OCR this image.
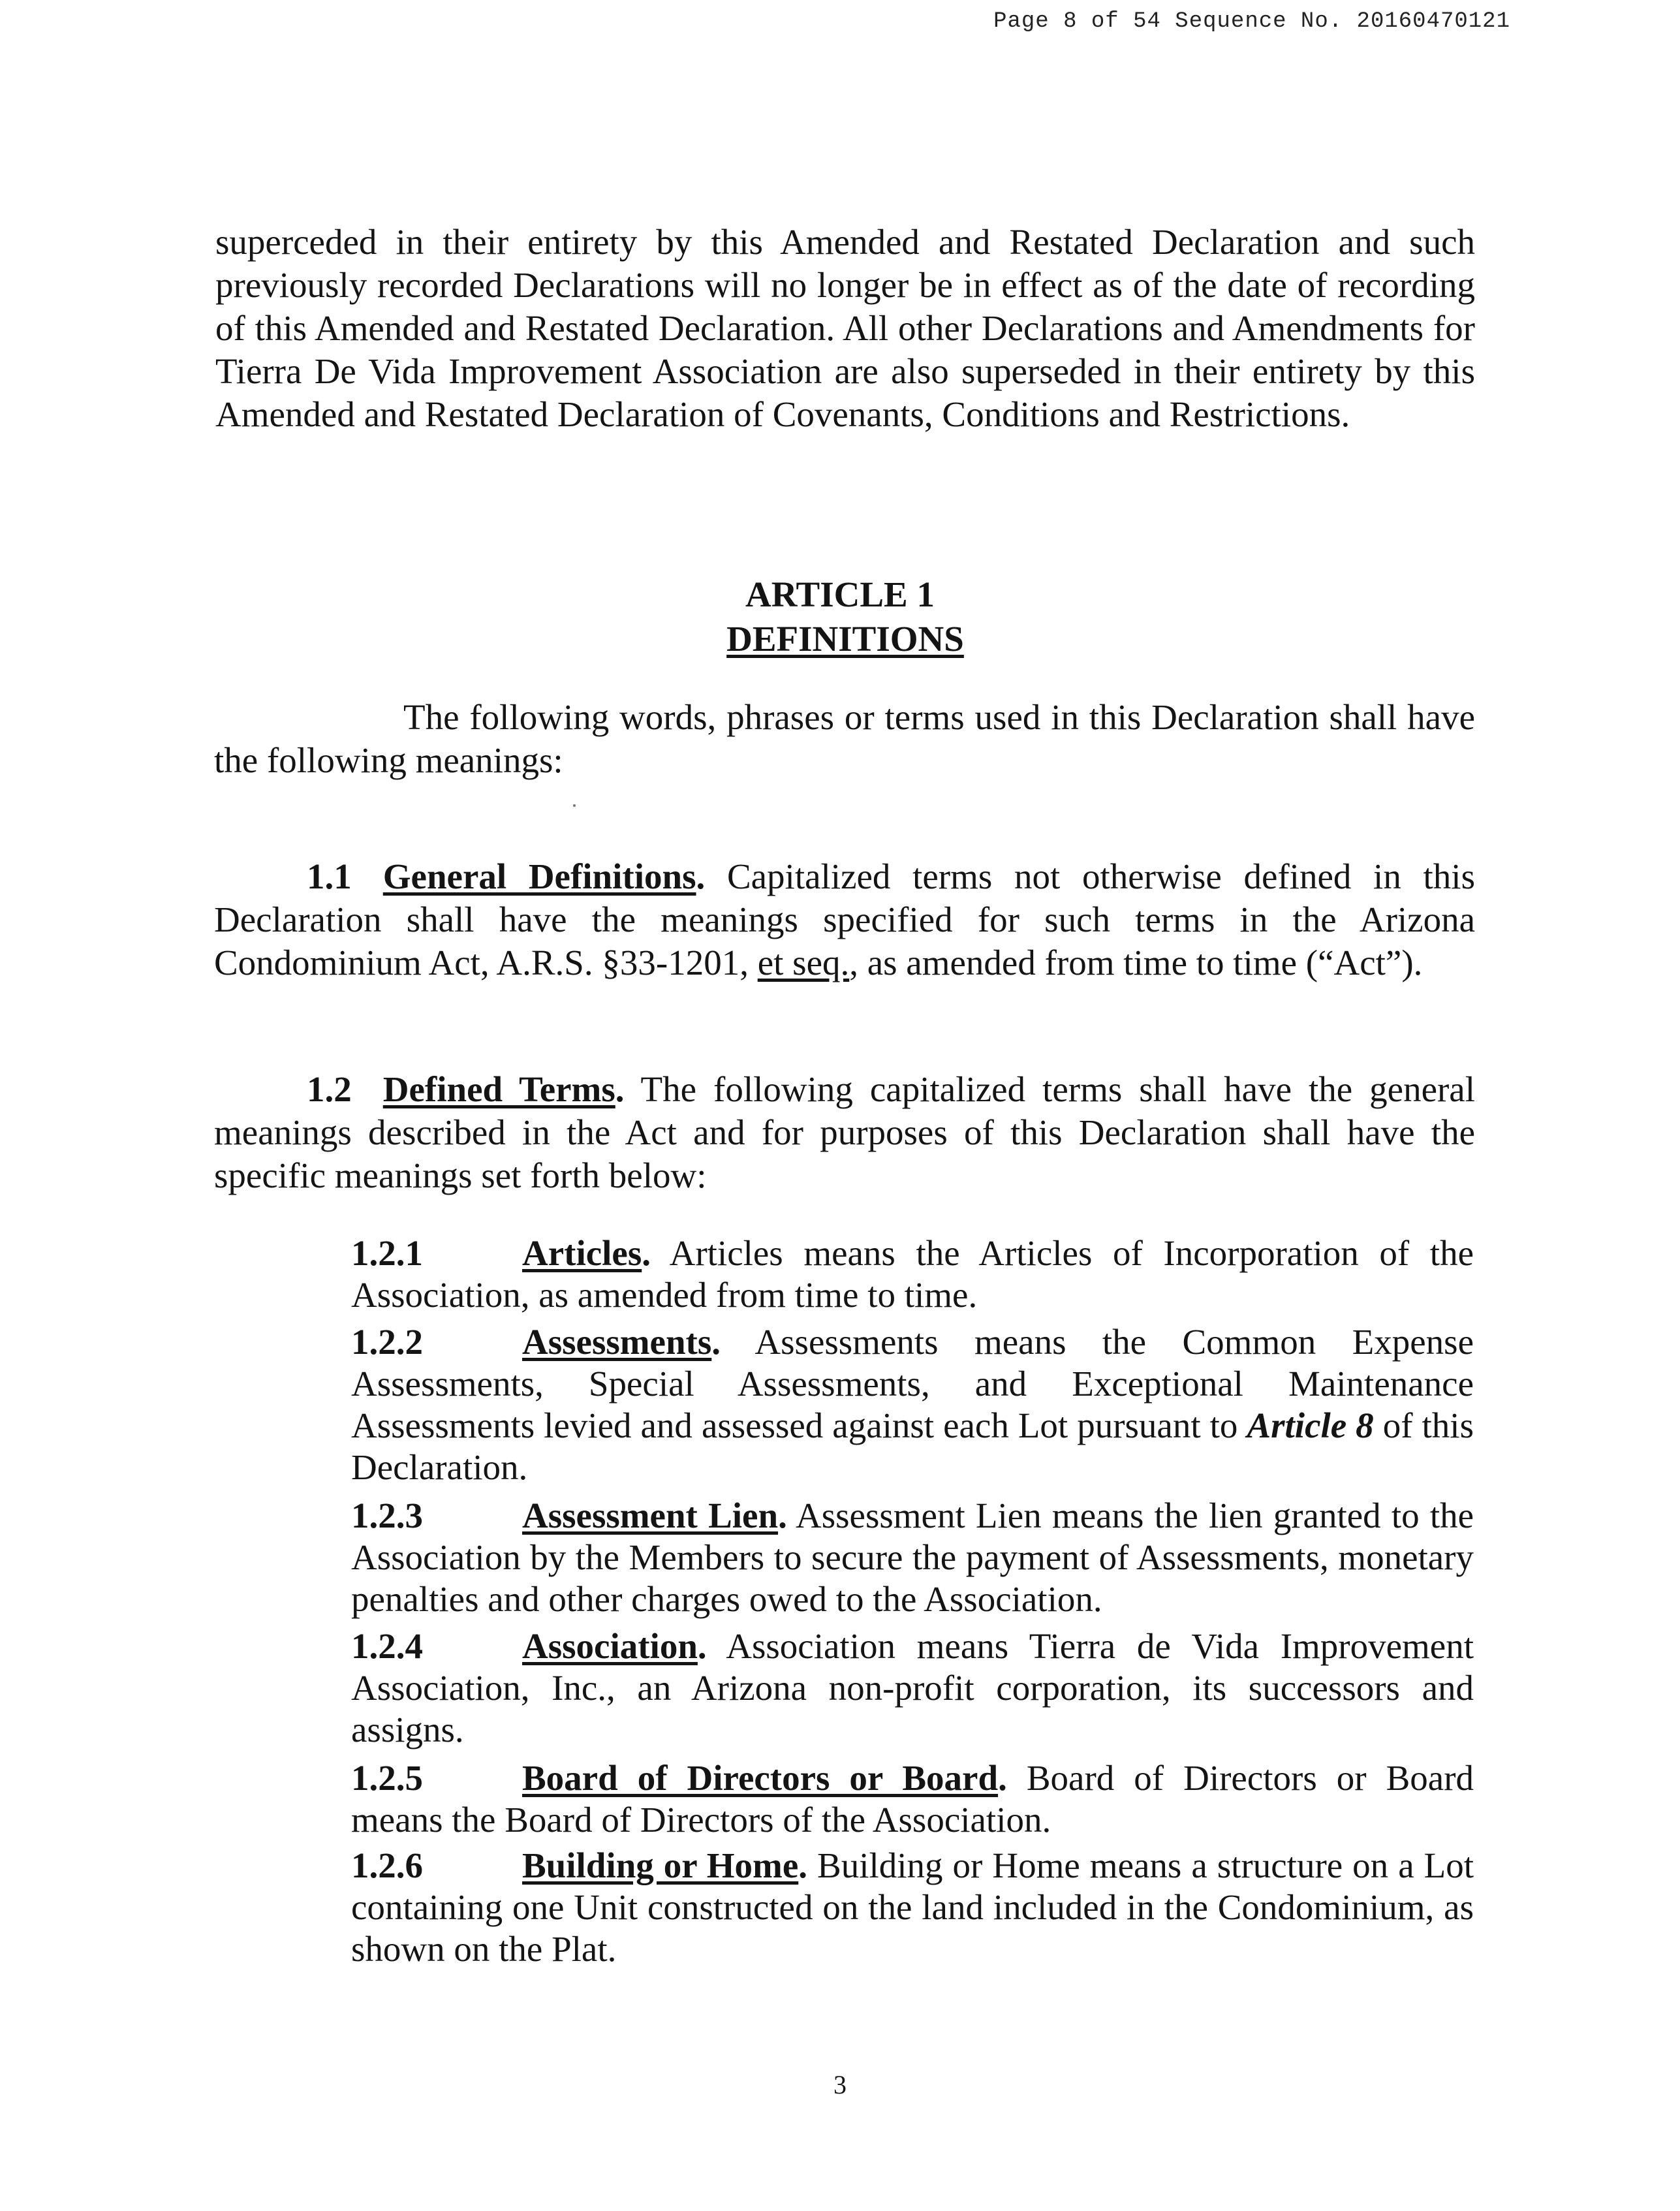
Page 8 of 54 Sequence No. 20160470121
superceded in their entirety by this Amended and Restated Declaration and such previously recorded Declarations will no longer be in effect as of the date of recording of this Amended and Restated Declaration. All other Declarations and Amendments for Tierra De Vida Improvement Association are also superseded in their entirety by this Amended and Restated Declaration of Covenants, Conditions and Restrictions.
ARTICLE 1
DEFINITIONS
The following words, phrases or terms used in this Declaration shall have the following meanings:
1.1 General Definitions. Capitalized terms not otherwise defined in this Declaration shall have the meanings specified for such terms in the Arizona Condominium Act, A.R.S. §33-1201, et seq., as amended from time to time (“Act”).
1.2 Defined Terms. The following capitalized terms shall have the general meanings described in the Act and for purposes of this Declaration shall have the specific meanings set forth below:
1.2.1	Articles. Articles means the Articles of Incorporation of the Association, as amended from time to time.
1.2.2	Assessments. Assessments means the Common Expense Assessments, Special Assessments, and Exceptional Maintenance Assessments levied and assessed against each Lot pursuant to Article 8 of this Declaration.
1.2.3	Assessment Lien. Assessment Lien means the lien granted to the Association by the Members to secure the payment of Assessments, monetary penalties and other charges owed to the Association.
1.2.4	Association. Association means Tierra de Vida Improvement Association, Inc., an Arizona non-profit corporation, its successors and assigns.
1.2.5	Board of Directors or Board. Board of Directors or Board means the Board of Directors of the Association.
1.2.6	Building or Home. Building or Home means a structure on a Lot containing one Unit constructed on the land included in the Condominium, as shown on the Plat.
3
